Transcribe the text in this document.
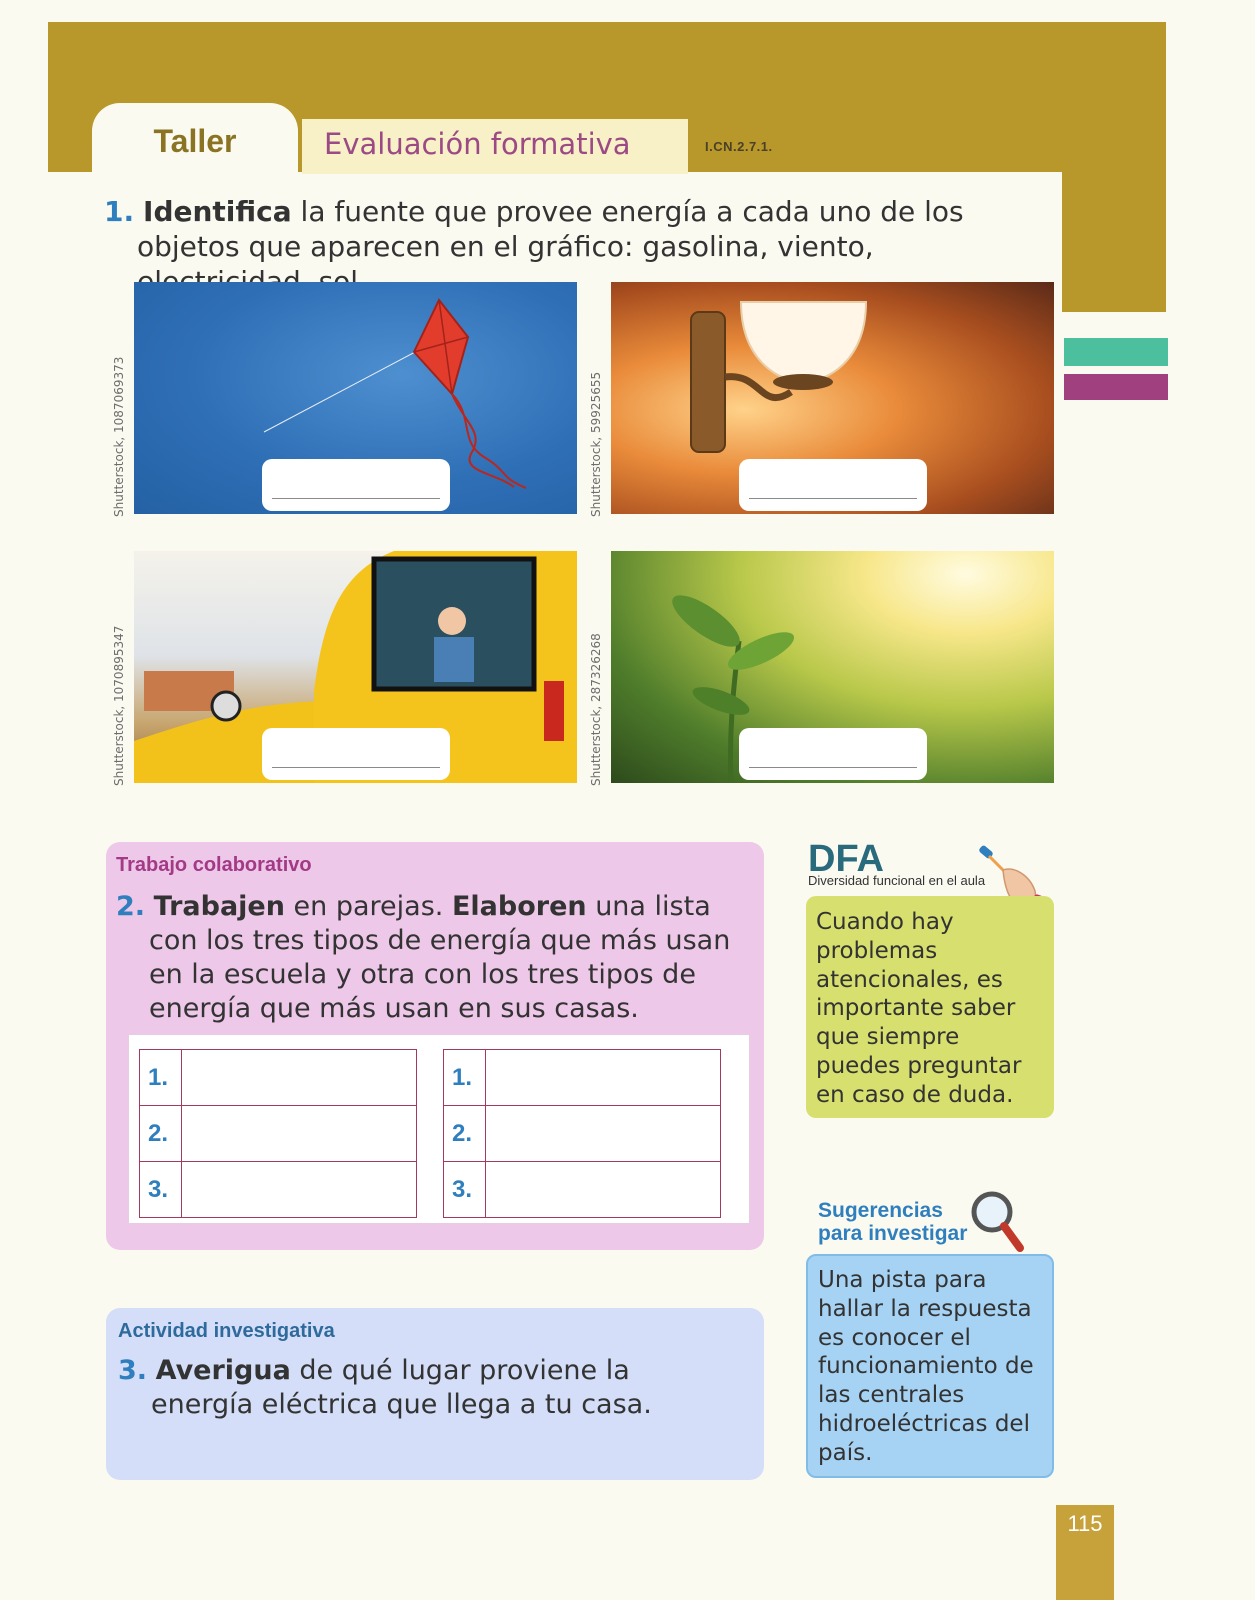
Taller	Evaluación formativa	I.CN.2.7.1.
1. Identifica la fuente que provee energía a cada uno de los objetos que aparecen en el gráfico: gasolina, viento,
Shutterstock, 1087069373	Shutterstock, 59925655
Shutterstock, 1070895347	Shutterstock, 287326268
Trabajo colaborativo
2. Trabajen en parejas. Elaboren una lista con los tres tipos de energía que más usan en la escuela y otra con los tres tipos de energía que más usan en sus casas.
1.
2.
3.
1.
2.
3.
Actividad investigativa
3. Averigua de qué lugar proviene la energía eléctrica que llega a tu casa.
DFA
Diversidad funcional en el aula

Cuando hay problemas atencionales, es importante saber que siempre puedes preguntar en caso de duda.

Sugerencias
para investigar

Una pista para hallar la respuesta es conocer el funcionamiento de las centrales hidroeléctricas del país.

115
